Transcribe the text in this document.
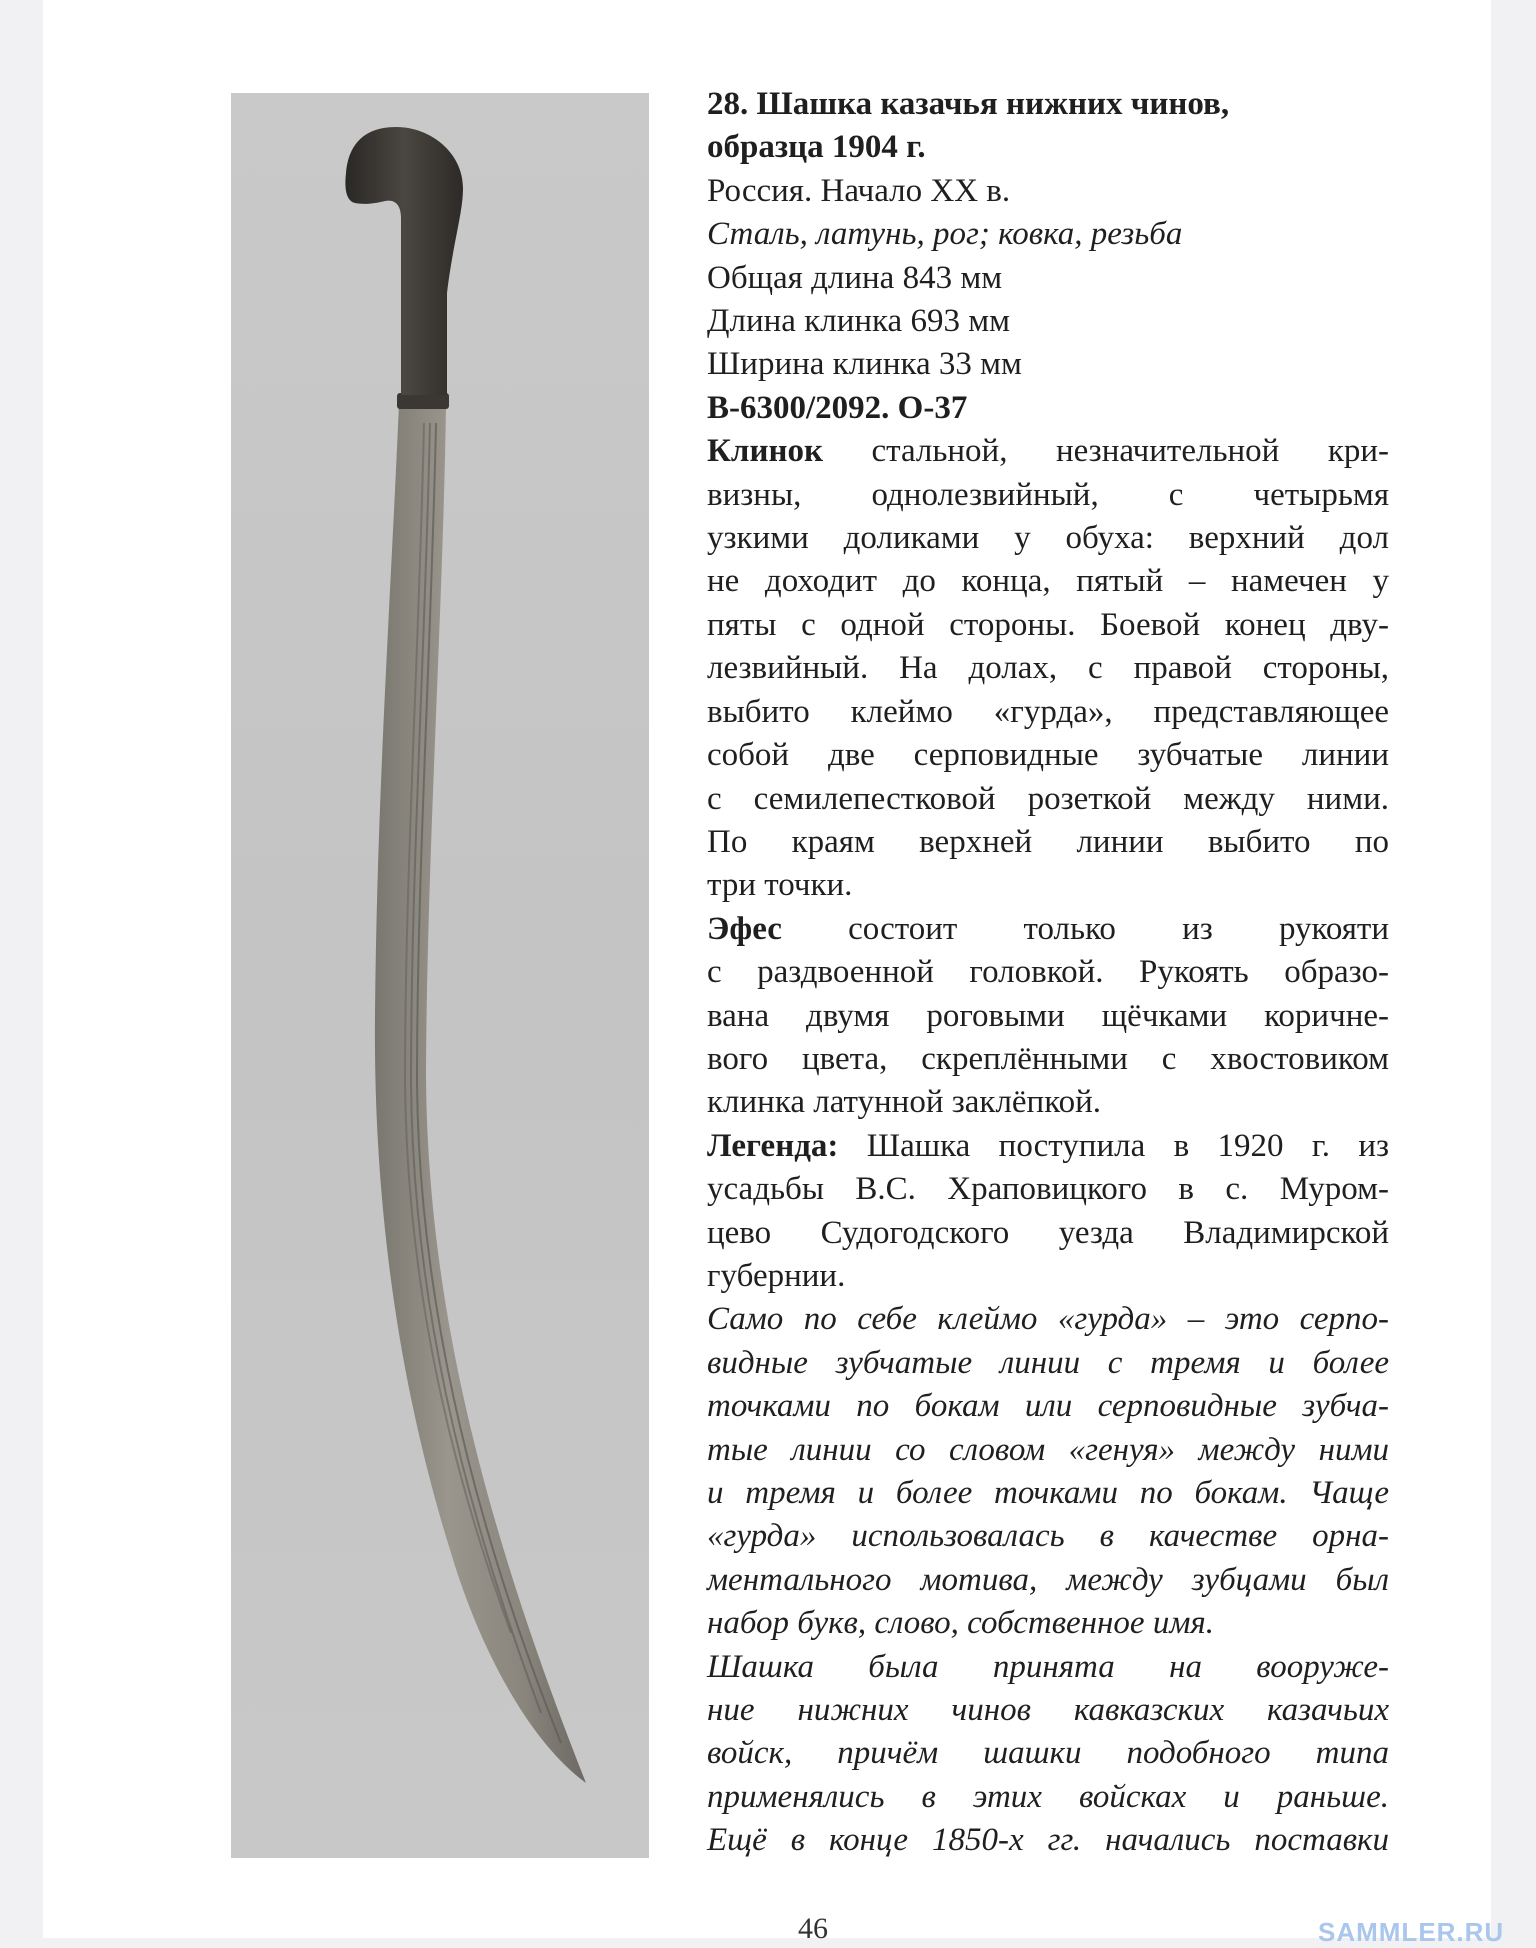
28. Шашка казачья нижних чинов,
образца 1904 г.

Россия. Начало XX в.

Сталь, латунь, рог; ковка, резьба

Общая длина 843 мм

Длина клинка 693 мм

Ширина клинка 33 мм

В-6300/2092. О-37

Клинок стальной, незначительной кри-
визны, однолезвийный, с четырьмя
узкими доликами у обуха: верхний дол
не доходит до конца, пятый – намечен у
пяты с одной стороны. Боевой конец дву-
лезвийный. На долах, с правой стороны,
выбито клеймо «гурда», представляющее
собой две серповидные зубчатые линии
с семилепестковой розеткой между ними.
По краям верхней линии выбито по
три точки.
Эфес состоит только из рукояти
с раздвоенной головкой. Рукоять образо-
вана двумя роговыми щёчками коричне-
вого цвета, скреплёнными с хвостовиком
клинка латунной заклёпкой.
Легенда: Шашка поступила в 1920 г. из
усадьбы В.С. Храповицкого в с. Муром-
цево Судогодского уезда Владимирской
губернии.
Само по себе клеймо «гурда» – это серпо-
видные зубчатые линии с тремя и более
точками по бокам или серповидные зубча-
тые линии со словом «генуя» между ними
и тремя и более точками по бокам. Чаще
«гурда» использовалась в качестве орна-
ментального мотива, между зубцами был
набор букв, слово, собственное имя.
Шашка была принята на вооруже-
ние нижних чинов кавказских казачьих
войск, причём шашки подобного типа
применялись в этих войсках и раньше.
Ещё в конце 1850-х гг. начались поставки
46	SAMMLER.RU
